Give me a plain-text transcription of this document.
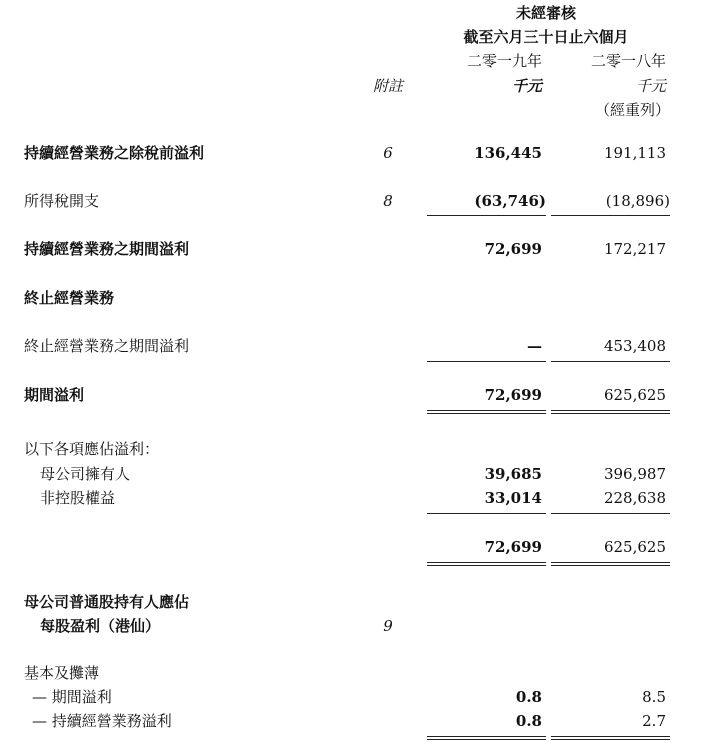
未經審核
截至六月三十日止六個月
二零一九年	二零一八年
附註	千元	千元
（經重列）
持續經營業務之除稅前溢利	6	136,445	191,113
所得稅開支	8	(63,746)	(18,896)
持續經營業務之期間溢利	72,699	172,217
終止經營業務
終止經營業務之期間溢利	—	453,408
期間溢利	72,699	625,625
以下各項應佔溢利：
母公司擁有人	39,685	396,987
非控股權益	33,014	228,638
72,699	625,625
母公司普通股持有人應佔
每股盈利（港仙）	9
基本及攤薄
— 期間溢利	0.8	8.5
— 持續經營業務溢利	0.8	2.7
